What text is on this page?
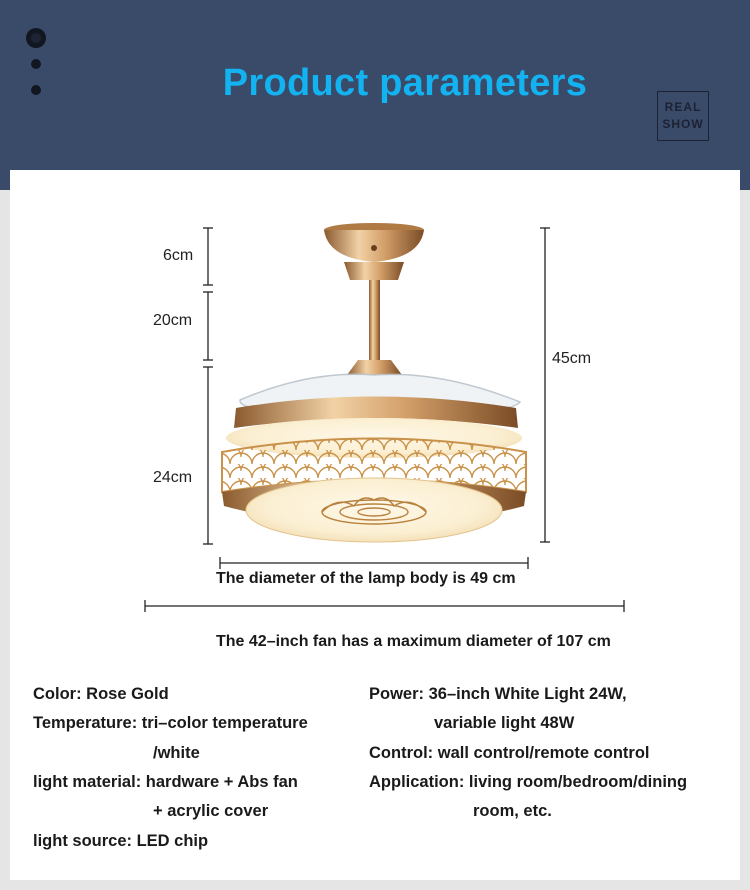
Product parameters
REAL
SHOW
6cm
20cm
24cm
45cm
The diameter of the lamp body is 49 cm
The 42–inch fan has a maximum diameter of 107 cm
Color: Rose Gold
Temperature: tri–color temperature
/white
light material: hardware + Abs fan
+ acrylic cover
light source: LED chip
Power: 36–inch White Light 24W,
variable light 48W
Control: wall control/remote control
Application: living room/bedroom/dining
room, etc.
